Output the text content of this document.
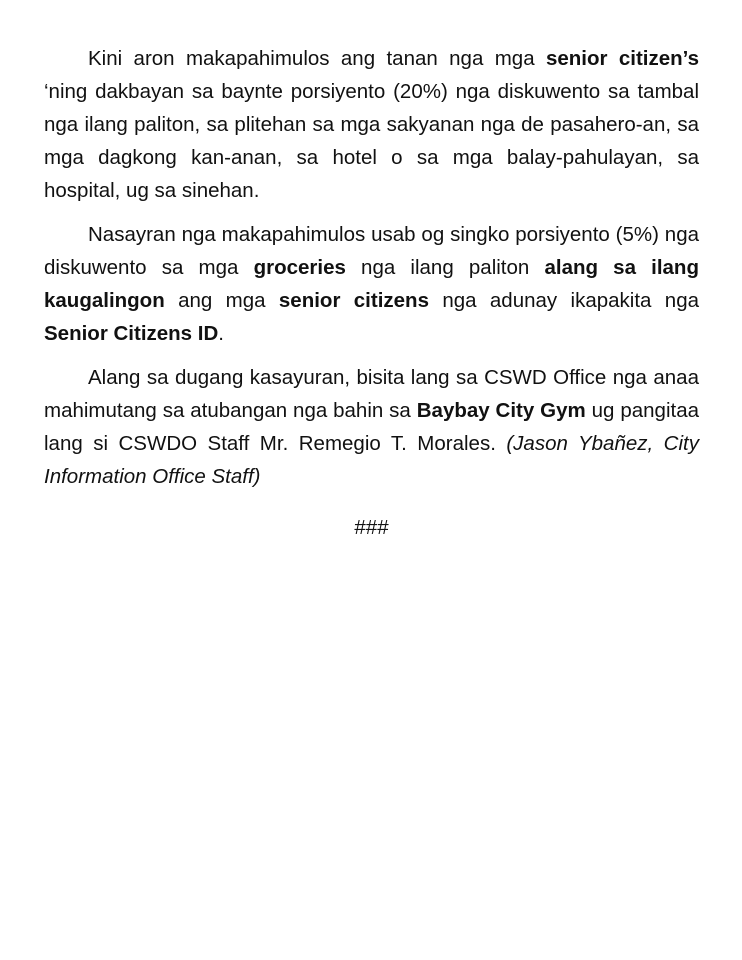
Kini aron makapahimulos ang tanan nga mga senior citizen’s ‘ning dakbayan sa baynte porsiyento (20%) nga diskuwento sa tambal nga ilang paliton, sa plitehan sa mga sakyanan nga de pasahero-an, sa mga dagkong kan-anan, sa hotel o sa mga balay-pahulayan, sa hospital, ug sa sinehan.

Nasayran nga makapahimulos usab og singko porsiyento (5%) nga diskuwento sa mga groceries nga ilang paliton alang sa ilang kaugalingon ang mga senior citizens nga adunay ikapakita nga Senior Citizens ID.

Alang sa dugang kasayuran, bisita lang sa CSWD Office nga anaa mahimutang sa atubangan nga bahin sa Baybay City Gym ug pangitaa lang si CSWDO Staff Mr. Remegio T. Morales. (Jason Ybañez, City Information Office Staff)

###
